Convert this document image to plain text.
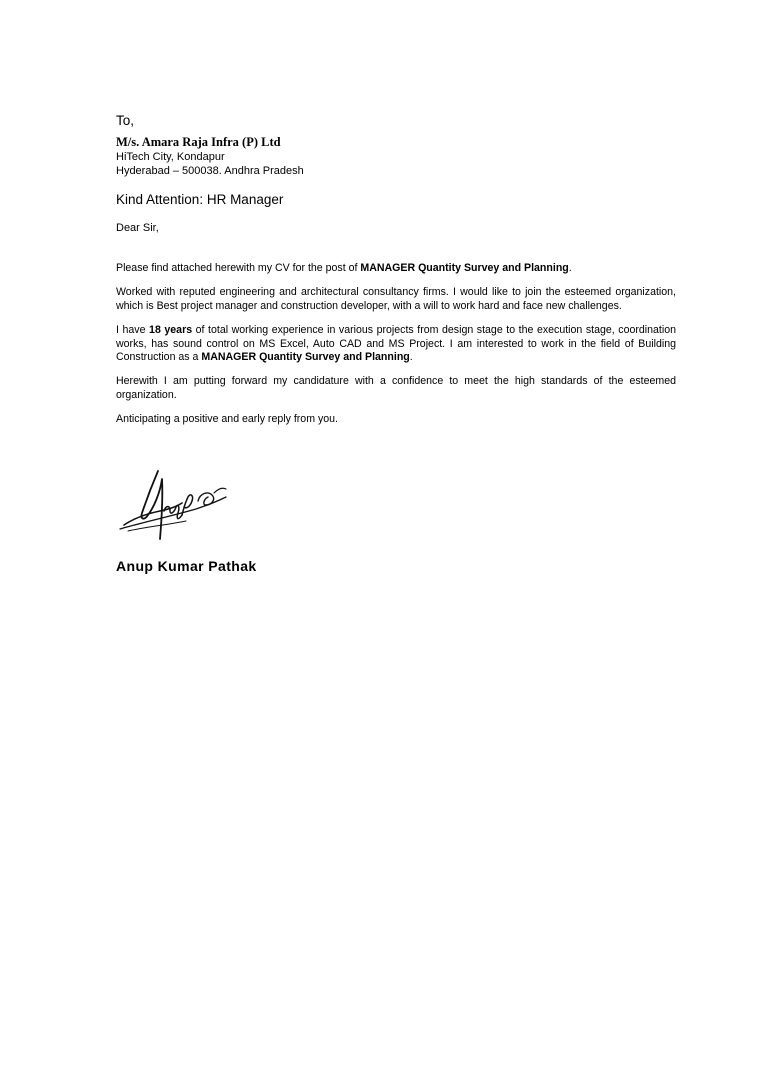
To,

M/s. Amara Raja Infra (P) Ltd

HiTech City, Kondapur

Hyderabad – 500038. Andhra Pradesh

Kind Attention: HR Manager

Dear Sir,

Please find attached herewith my CV for the post of MANAGER Quantity Survey and Planning.

Worked with reputed engineering and architectural consultancy firms. I would like to join the esteemed organization, which is Best project manager and construction developer, with a will to work hard and face new challenges.

I have 18 years of total working experience in various projects from design stage to the execution stage, coordination works, has sound control on MS Excel, Auto CAD and MS Project. I am interested to work in the field of Building Construction as a MANAGER Quantity Survey and Planning.

Herewith I am putting forward my candidature with a confidence to meet the high standards of the esteemed organization.

Anticipating a positive and early reply from you.

Anup Kumar Pathak
